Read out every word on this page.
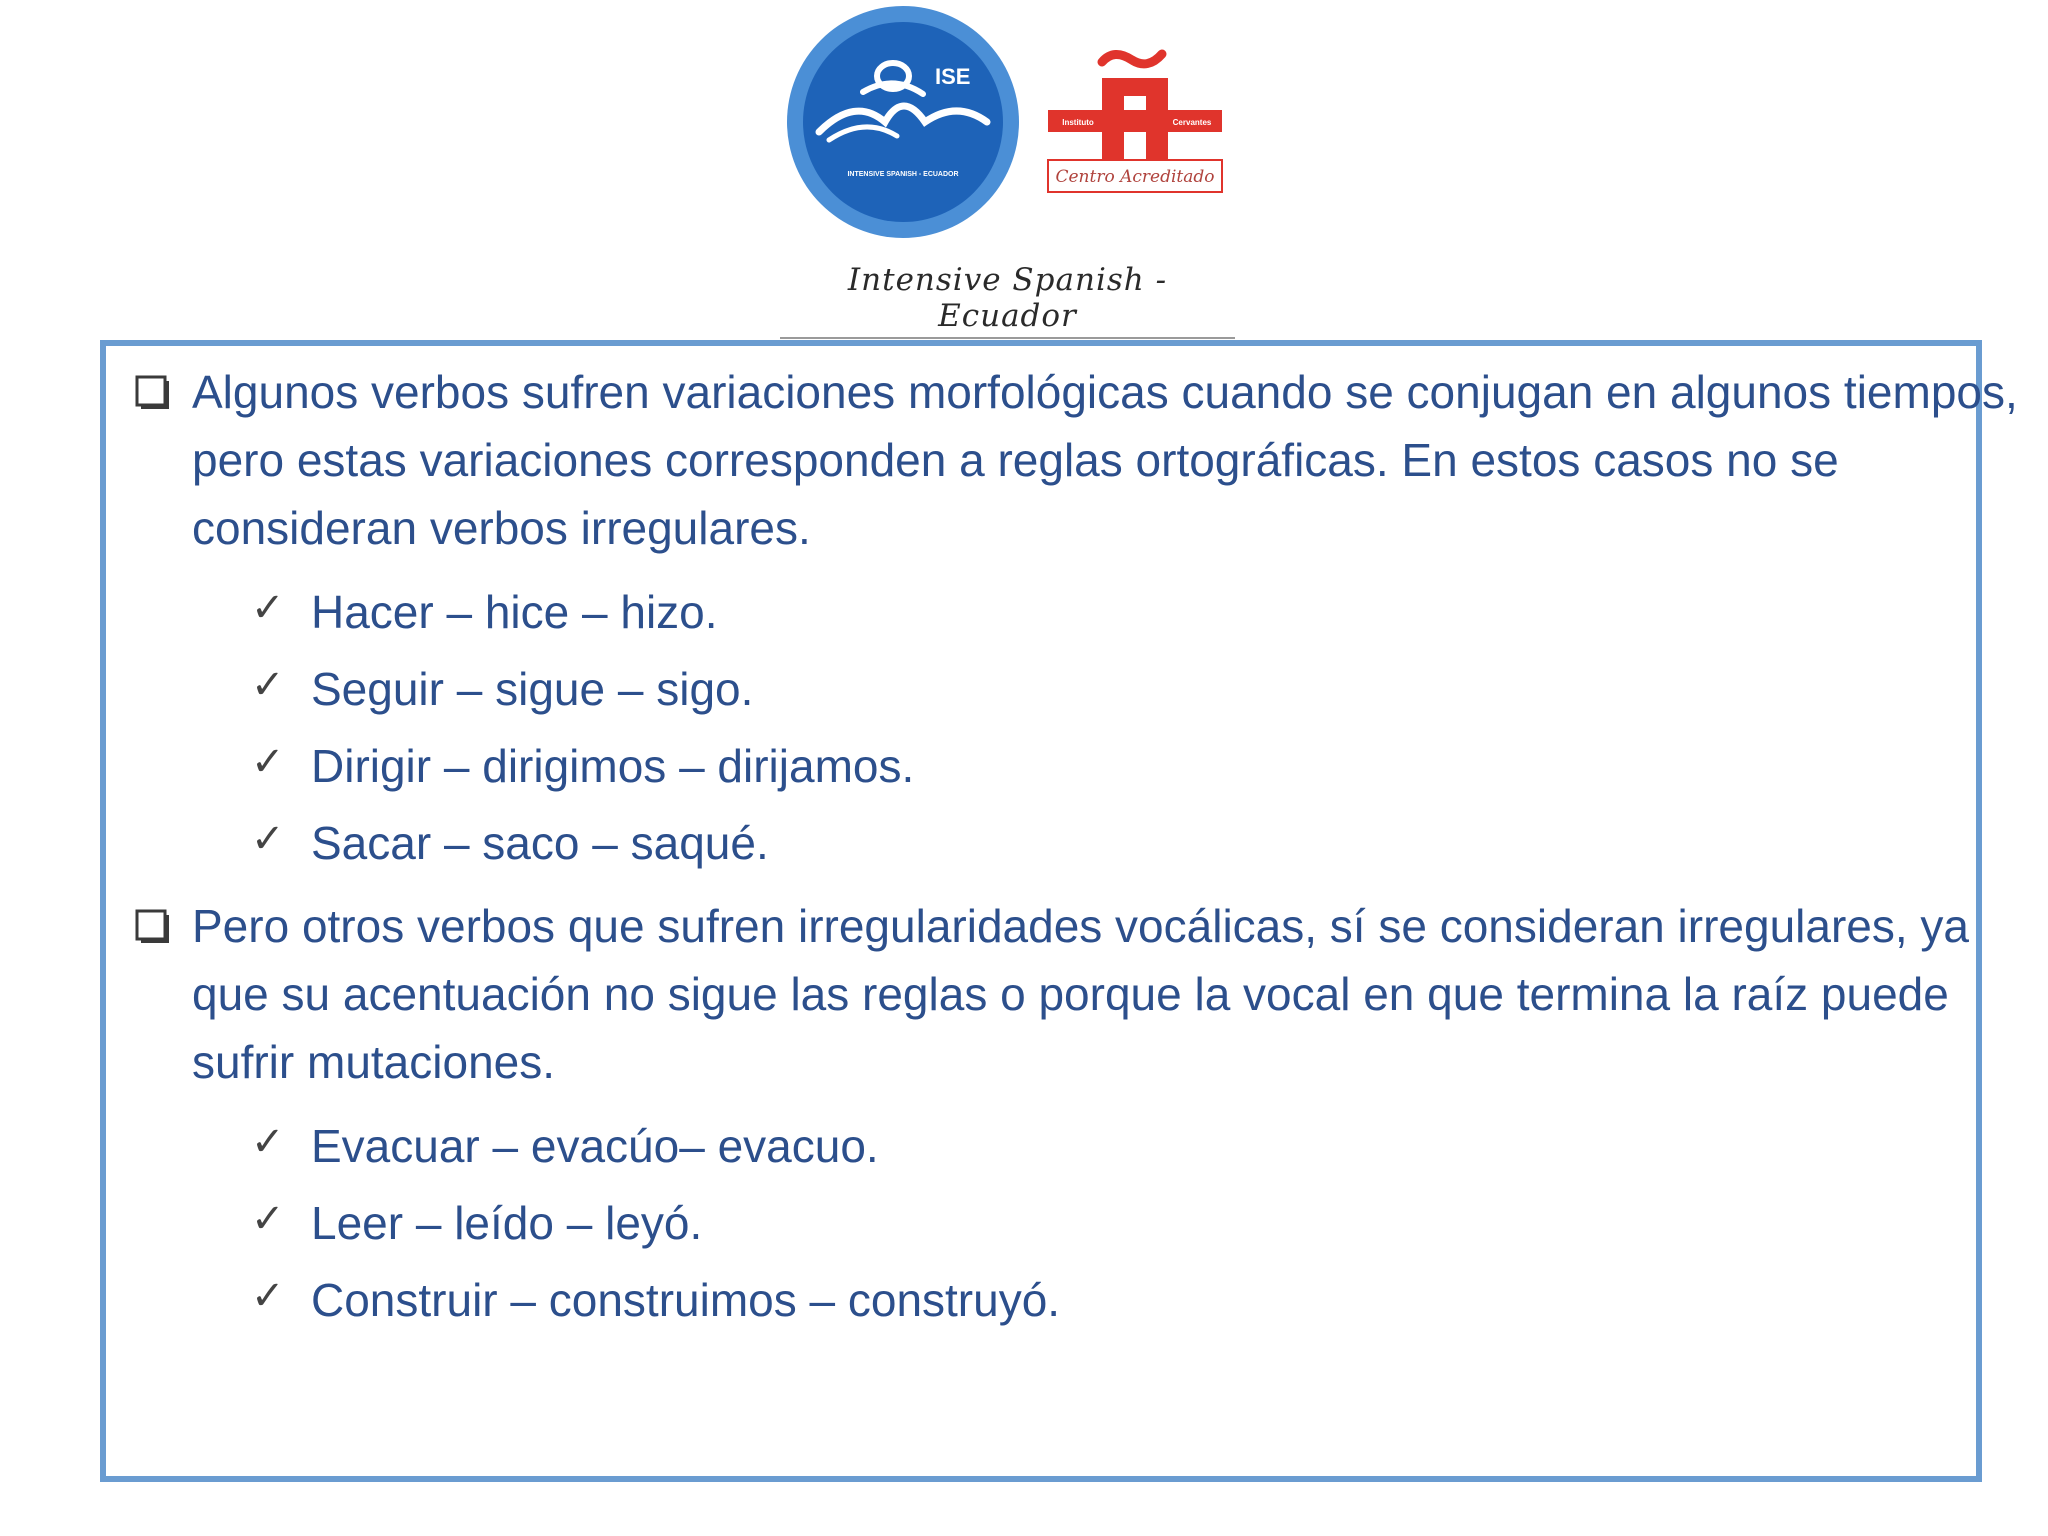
ISE
INTENSIVE SPANISH - ECUADOR
Instituto	Cervantes
Centro Acreditado
Intensive Spanish - Ecuador
Algunos verbos sufren variaciones morfológicas cuando se conjugan en algunos tiempos, pero estas variaciones corresponden a reglas ortográficas. En estos casos no se consideran verbos irregulares.
✓ Hacer – hice – hizo.
✓ Seguir – sigue – sigo.
✓ Dirigir – dirigimos – dirijamos.
✓ Sacar – saco – saqué.
Pero otros verbos que sufren irregularidades vocálicas, sí se consideran irregulares, ya que su acentuación no sigue las reglas o porque la vocal en que termina la raíz puede sufrir mutaciones.
✓ Evacuar – evacúo– evacuo.
✓ Leer – leído – leyó.
✓ Construir – construimos – construyó.
